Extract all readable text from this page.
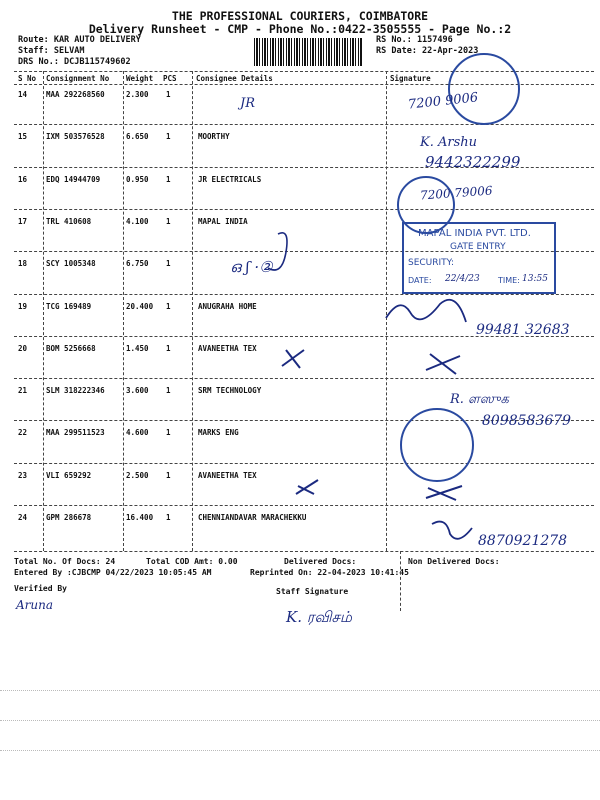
THE PROFESSIONAL COURIERS, COIMBATORE
Delivery Runsheet - CMP - Phone No.:0422-3505555 - Page No.:2
Route: KAR AUTO DELIVERY
Staff: SELVAM
DRS No.: DCJB115749602
RS No.: 1157496
RS Date: 22-Apr-2023
S No Consignment No Weight PCS	Consignee Details	Signature
14	MAA 292268560	2.300 1
15	IXM 503576528	6.650 1	MOORTHY
16	EDQ 14944709	0.950 1	JR ELECTRICALS
17	TRL 410608	4.100 1	MAPAL INDIA
18	SCY 1005348	6.750 1
19	TCG 169489	20.400 1	ANUGRAHA HOME
20	BOM 5256668	1.450 1	AVANEETHA TEX
21	SLM 318222346	3.600 1	SRM TECHNOLOGY
22	MAA 299511523	4.600 1	MARKS ENG
23	VLI 659292	2.500 1	AVANEETHA TEX
24	GPM 286678	16.400 1	CHENNIANDAVAR MARACHEKKU
Total No. Of Docs: 24	Total COD Amt: 0.00	Delivered Docs:	Non Delivered Docs:
Entered By :CJBCMP 04/22/2023 10:05:45 AM	Reprinted On: 22-04-2023 10:41:45
Verified By	Staff Signature
MAPAL INDIA PVT. LTD.
GATE ENTRY
SECURITY:
DATE:	TIME:
JR	7200 9006
K. Arshu
9442322299
7200 79006
ഒ ʃ ·②
22/4/23	13:55
99481 32683
R. ளஸுக
8098583679
8870921278
K. ரவிசம்
Aruna
